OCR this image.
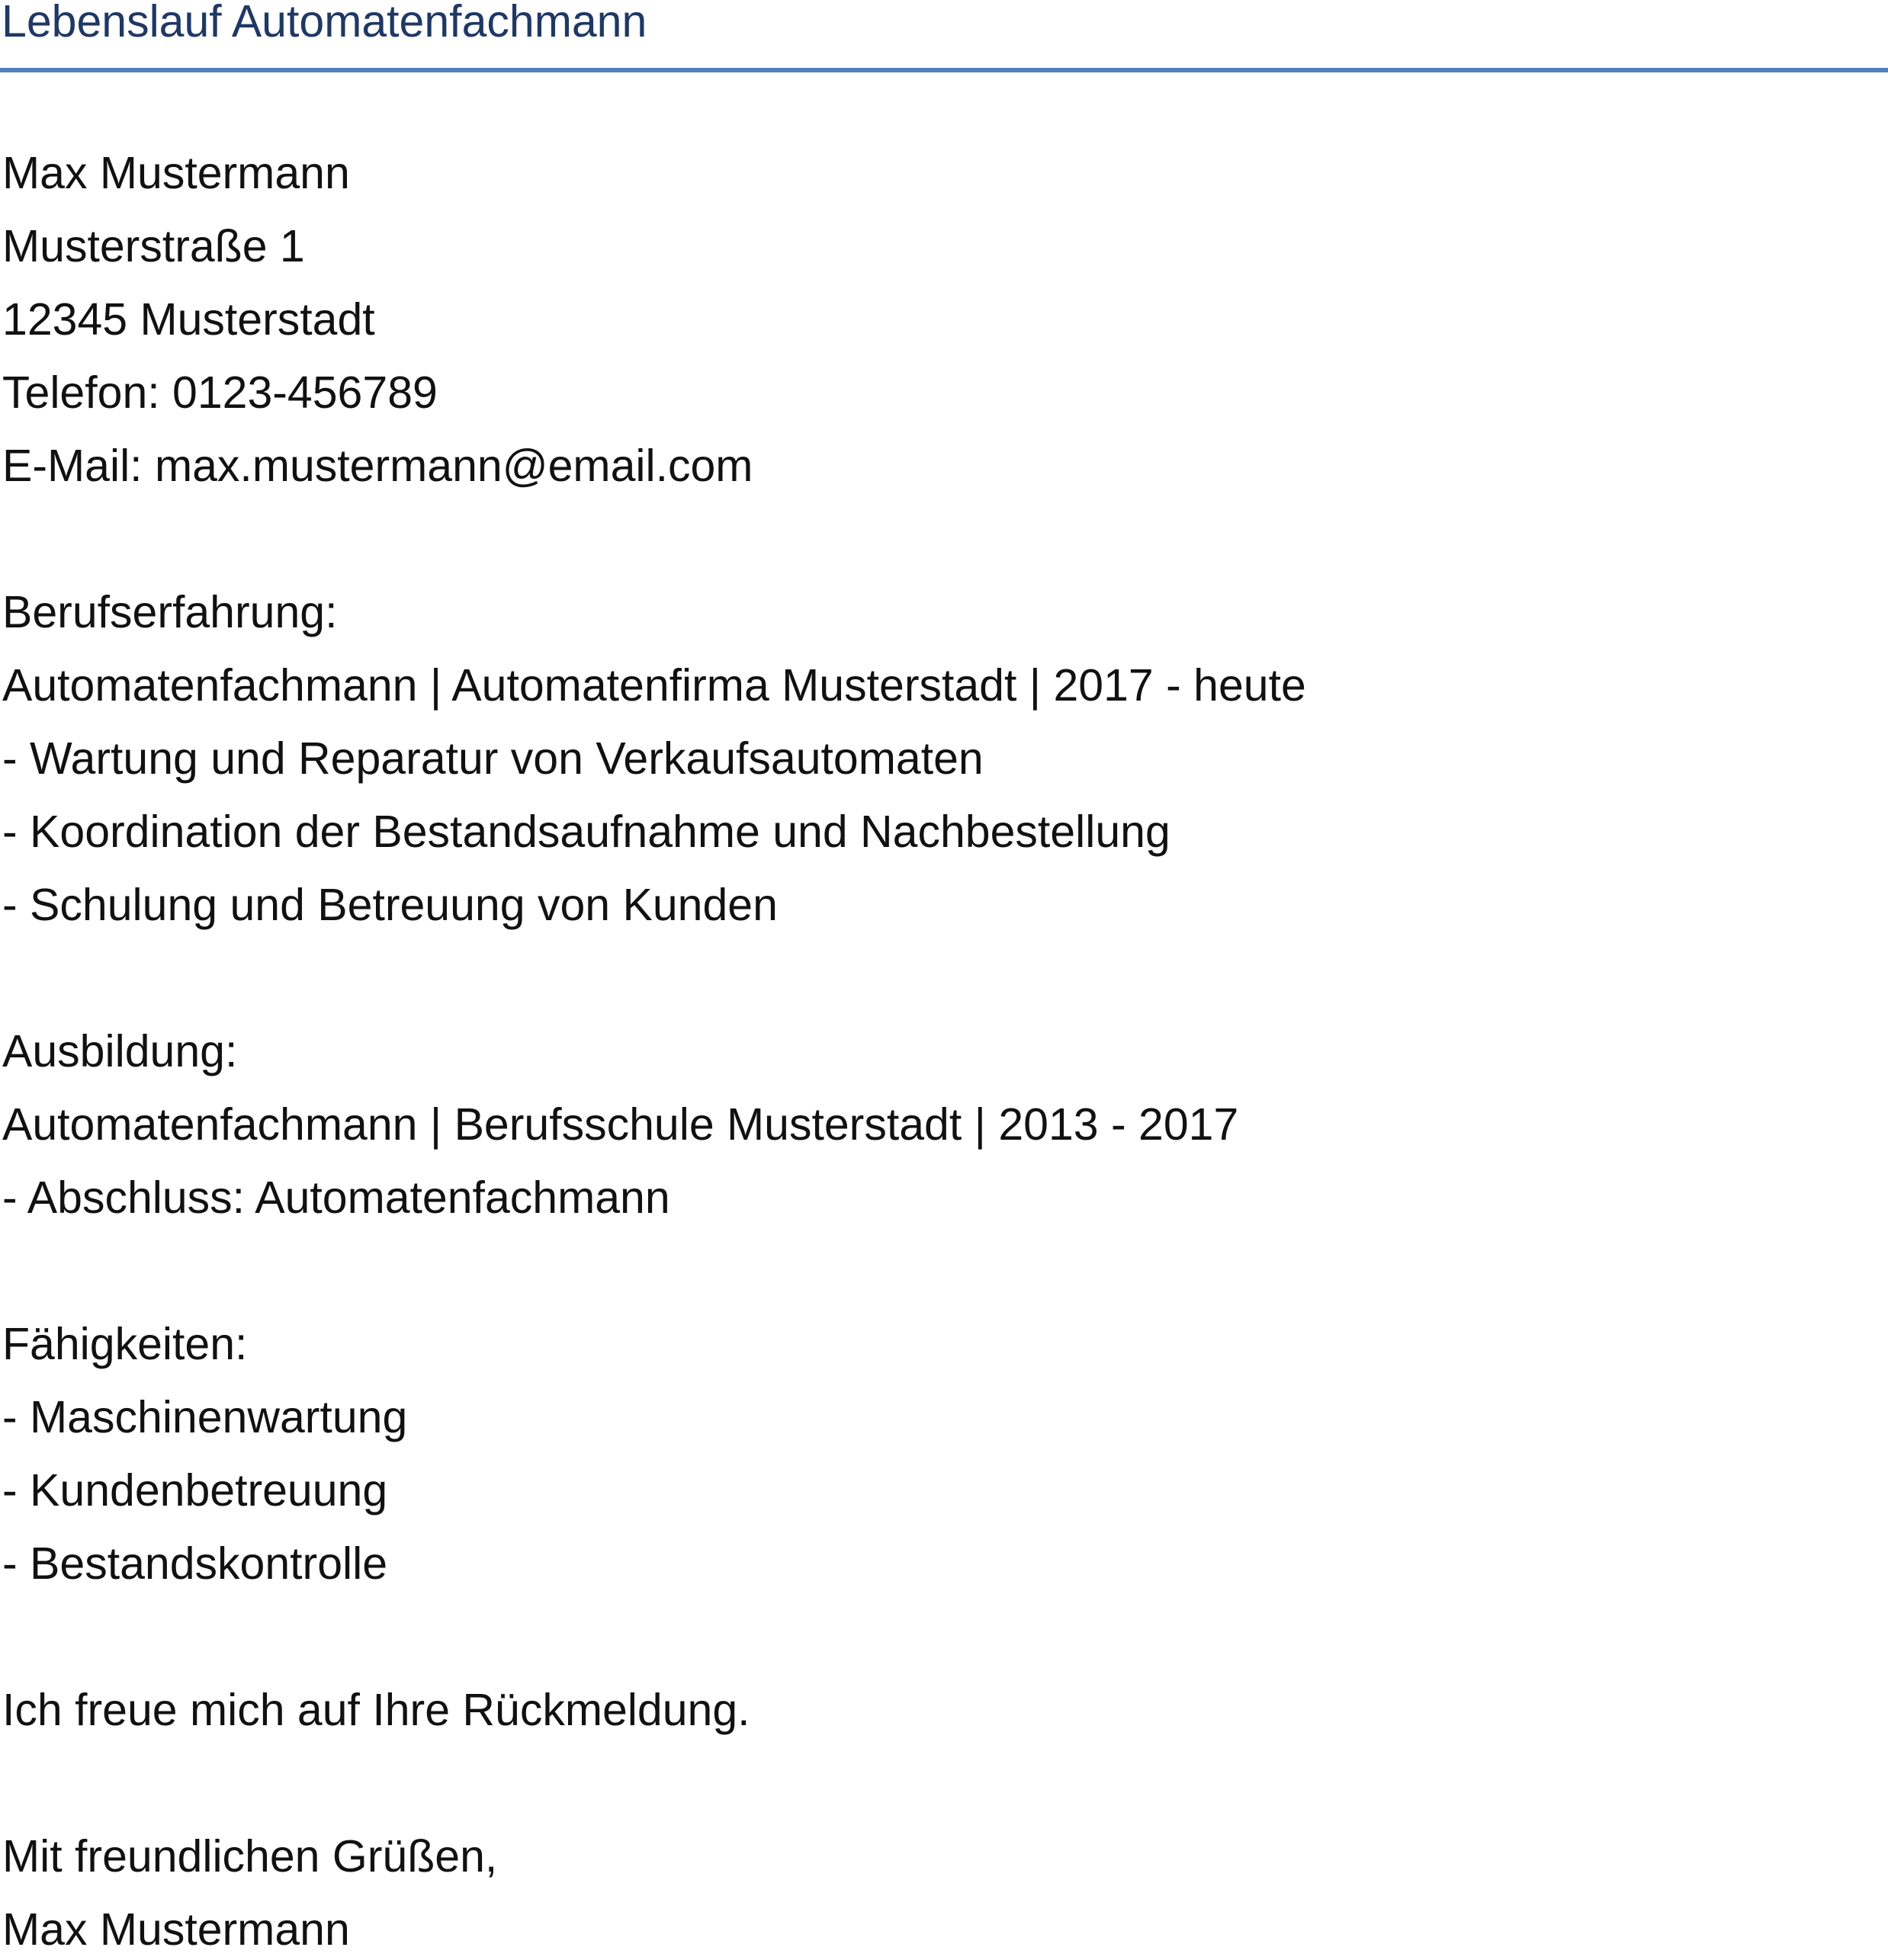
Lebenslauf Automatenfachmann
Max Mustermann
Musterstraße 1
12345 Musterstadt
Telefon: 0123-456789
E-Mail: max.mustermann@email.com
Berufserfahrung:
Automatenfachmann | Automatenfirma Musterstadt | 2017 - heute
- Wartung und Reparatur von Verkaufsautomaten
- Koordination der Bestandsaufnahme und Nachbestellung
- Schulung und Betreuung von Kunden
Ausbildung:
Automatenfachmann | Berufsschule Musterstadt | 2013 - 2017
- Abschluss: Automatenfachmann
Fähigkeiten:
- Maschinenwartung
- Kundenbetreuung
- Bestandskontrolle
Ich freue mich auf Ihre Rückmeldung.
Mit freundlichen Grüßen,
Max Mustermann
